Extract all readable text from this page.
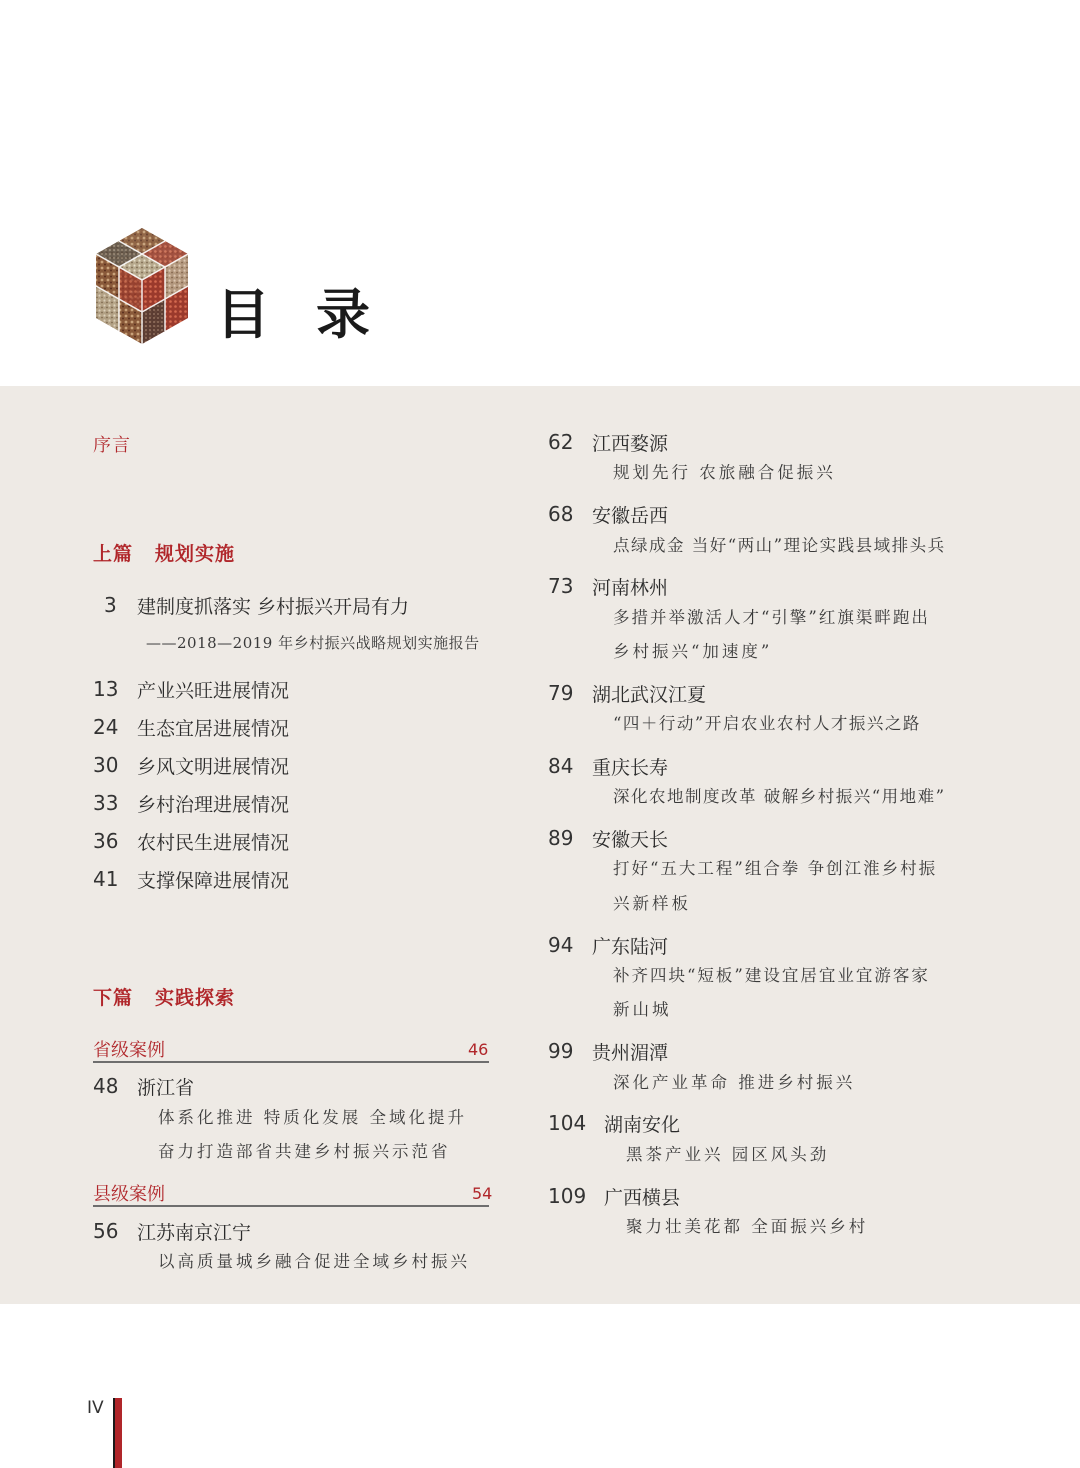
目 录
序言
上篇 规划实施
3 建制度抓落实 乡村振兴开局有力
——2018—2019 年乡村振兴战略规划实施报告
13 产业兴旺进展情况
24 生态宜居进展情况
30 乡风文明进展情况
33 乡村治理进展情况
36 农村民生进展情况
41 支撑保障进展情况
下篇 实践探索
省级案例	46
48 浙江省
体系化推进 特质化发展 全域化提升
奋力打造部省共建乡村振兴示范省
县级案例	54
56 江苏南京江宁
以高质量城乡融合促进全域乡村振兴
62 江西婺源
规划先行 农旅融合促振兴
68 安徽岳西
点绿成金 当好“两山”理论实践县域排头兵
73 河南林州
多措并举激活人才“引擎”红旗渠畔跑出
乡村振兴“加速度”
79 湖北武汉江夏
“四＋行动”开启农业农村人才振兴之路
84 重庆长寿
深化农地制度改革 破解乡村振兴“用地难”
89 安徽天长
打好“五大工程”组合拳 争创江淮乡村振
兴新样板
94 广东陆河
补齐四块“短板”建设宜居宜业宜游客家
新山城
99 贵州湄潭
深化产业革命 推进乡村振兴
104 湖南安化
黑茶产业兴 园区风头劲
109 广西横县
聚力壮美花都 全面振兴乡村
IV
